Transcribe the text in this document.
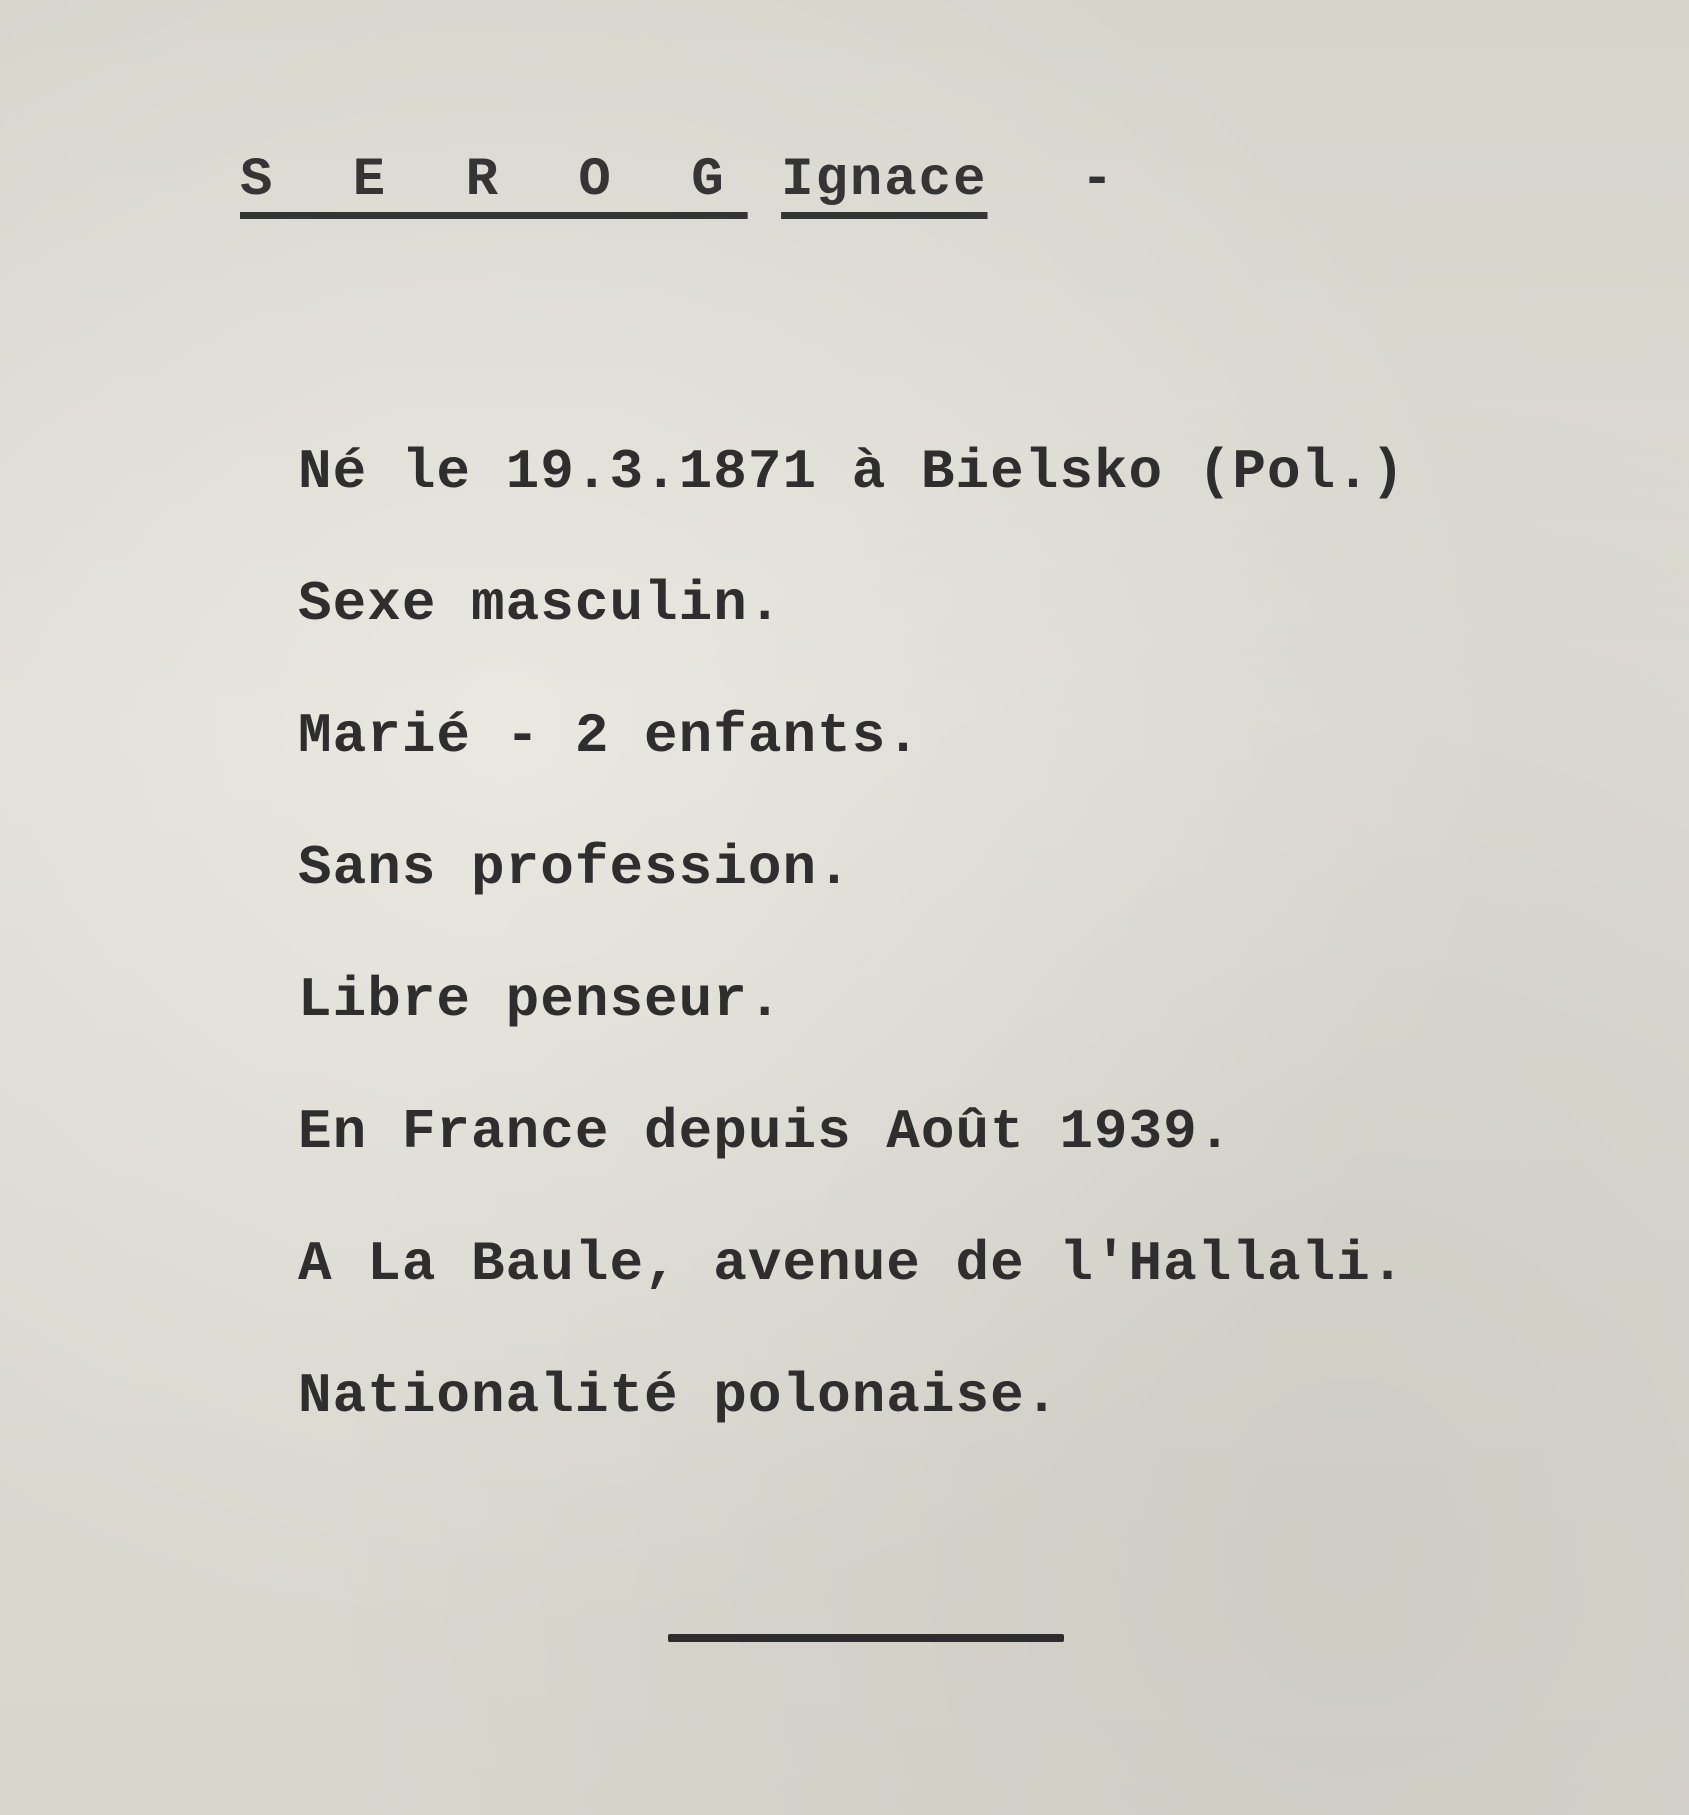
S E R O G Ignace -
Né le 19.3.1871 à Bielsko (Pol.)
Sexe masculin.
Marié - 2 enfants.
Sans profession.
Libre penseur.
En France depuis Août 1939.
A La Baule, avenue de l'Hallali.
Nationalité polonaise.
